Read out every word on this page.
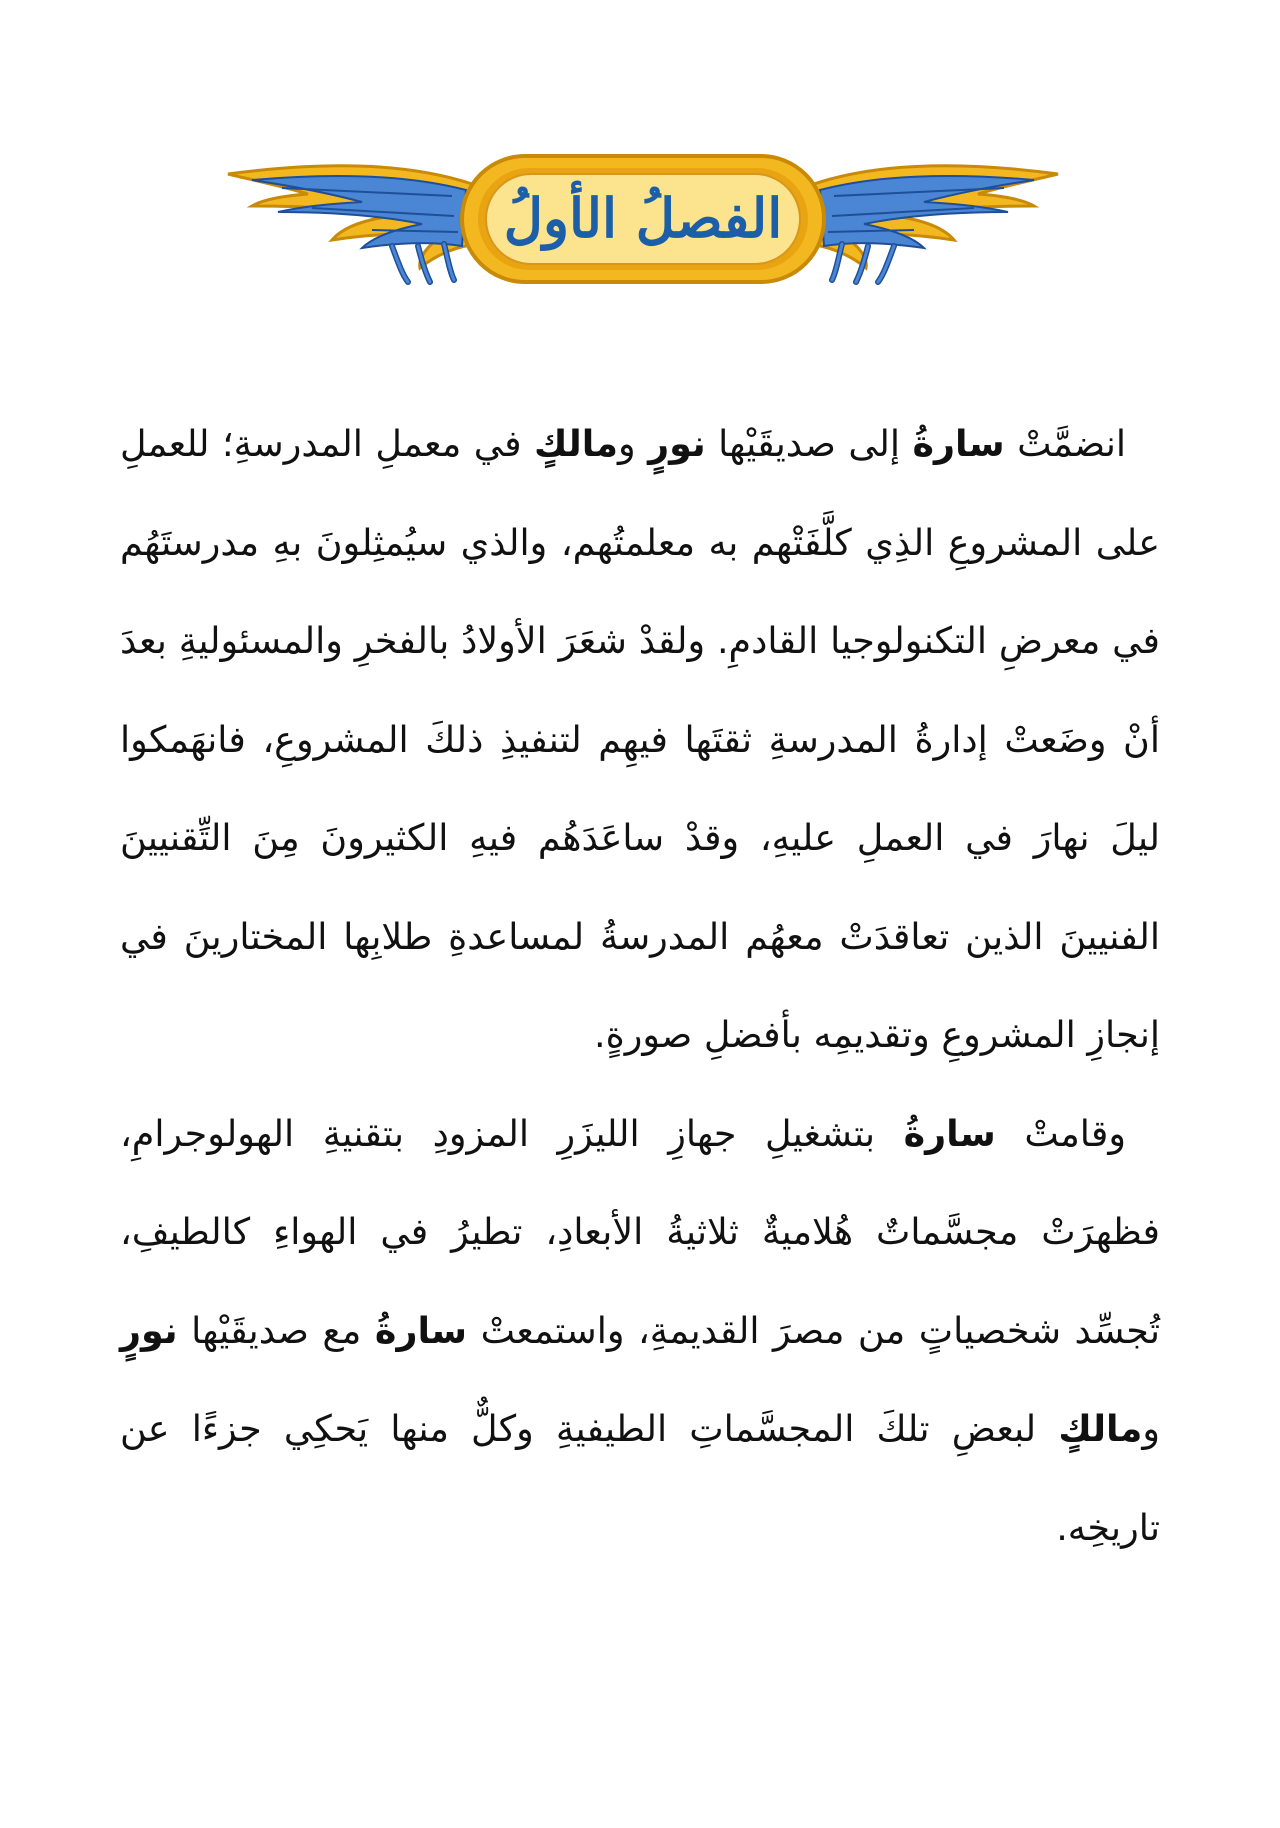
الفصلُ الأولُ

انضمَّتْ سارةُ إلى صديقَيْها نورٍ ومالكٍ في معملِ المدرسةِ؛ للعملِ على المشروعِ الذِي كلَّفَتْهم به معلمتُهم، والذي سيُمثِلونَ بهِ مدرستَهُم في معرضِ التكنولوجيا القادمِ. ولقدْ شعَرَ الأولادُ بالفخرِ والمسئوليةِ بعدَ أنْ وضَعتْ إدارةُ المدرسةِ ثقتَها فيهِم لتنفيذِ ذلكَ المشروعِ، فانهَمكوا ليلَ نهارَ في العملِ عليهِ، وقدْ ساعَدَهُم فيهِ الكثيرونَ مِنَ التِّقنيينَ الفنيينَ الذين تعاقدَتْ معهُم المدرسةُ لمساعدةِ طلابِها المختارينَ في إنجازِ المشروعِ وتقديمِه بأفضلِ صورةٍ.

وقامتْ سارةُ بتشغيلِ جهازِ الليزَرِ المزودِ بتقنيةِ الهولوجرامِ، فظهرَتْ مجسَّماتٌ هُلاميةٌ ثلاثيةُ الأبعادِ، تطيرُ في الهواءِ كالطيفِ، تُجسِّد شخصياتٍ من مصرَ القديمةِ، واستمعتْ سارةُ مع صديقَيْها نورٍ ومالكٍ لبعضِ تلكَ المجسَّماتِ الطيفيةِ وكلٌّ منها يَحكِي جزءًا عن تاريخِه.
